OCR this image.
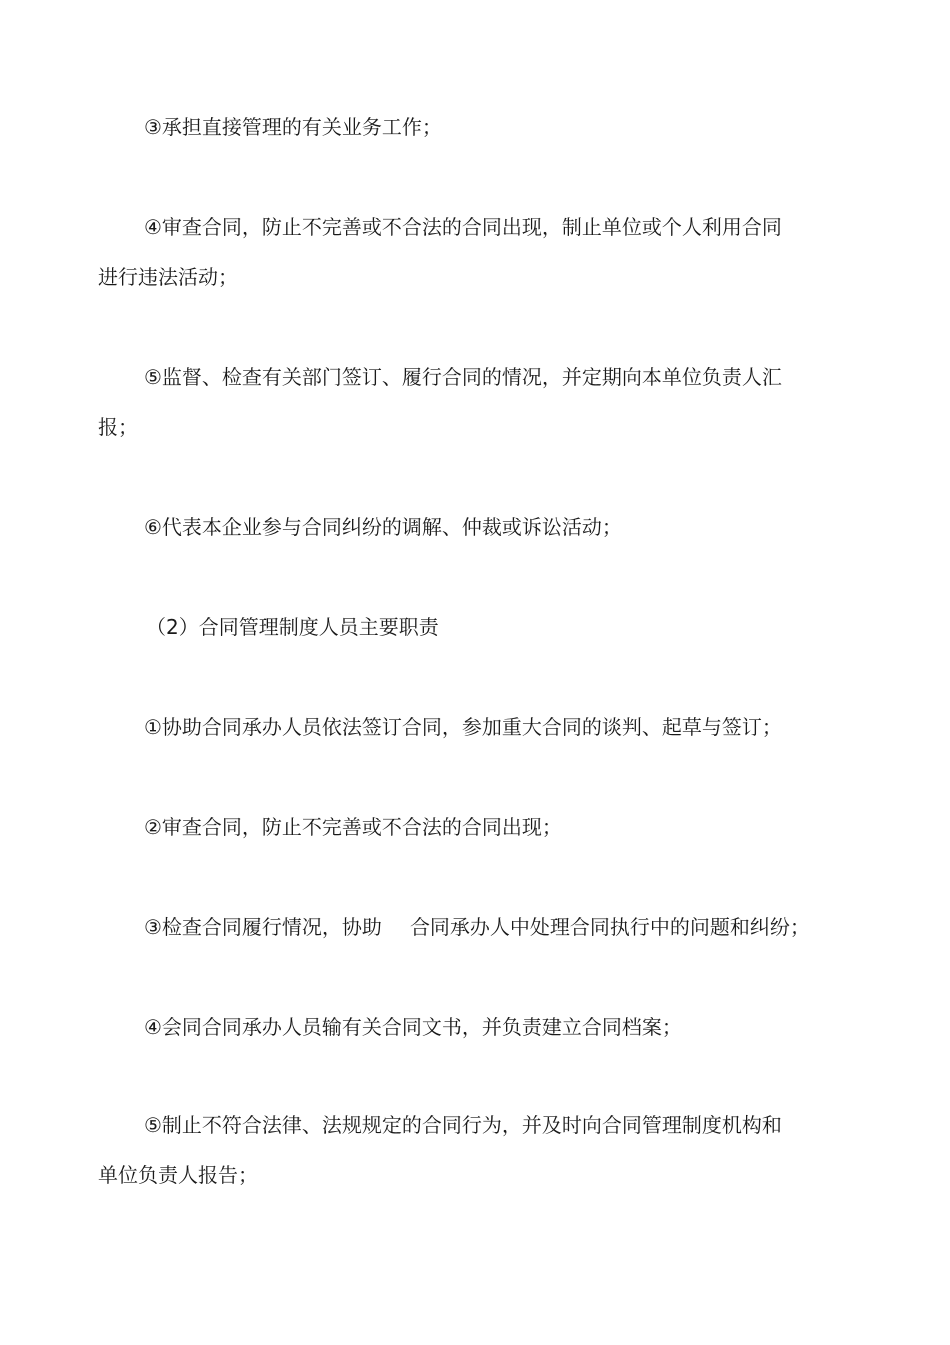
③承担直接管理的有关业务工作；
④审查合同，防止不完善或不合法的合同出现，制止单位或个人利用合同
进行违法活动；
⑤监督、检查有关部门签订、履行合同的情况，并定期向本单位负责人汇
报；
⑥代表本企业参与合同纠纷的调解、仲裁或诉讼活动；
（2）合同管理制度人员主要职责
①协助合同承办人员依法签订合同，参加重大合同的谈判、起草与签订；
②审查合同，防止不完善或不合法的合同出现；
③检查合同履行情况，协助 合同承办人中处理合同执行中的问题和纠纷；
④会同合同承办人员输有关合同文书，并负责建立合同档案；
⑤制止不符合法律、法规规定的合同行为，并及时向合同管理制度机构和
单位负责人报告；
